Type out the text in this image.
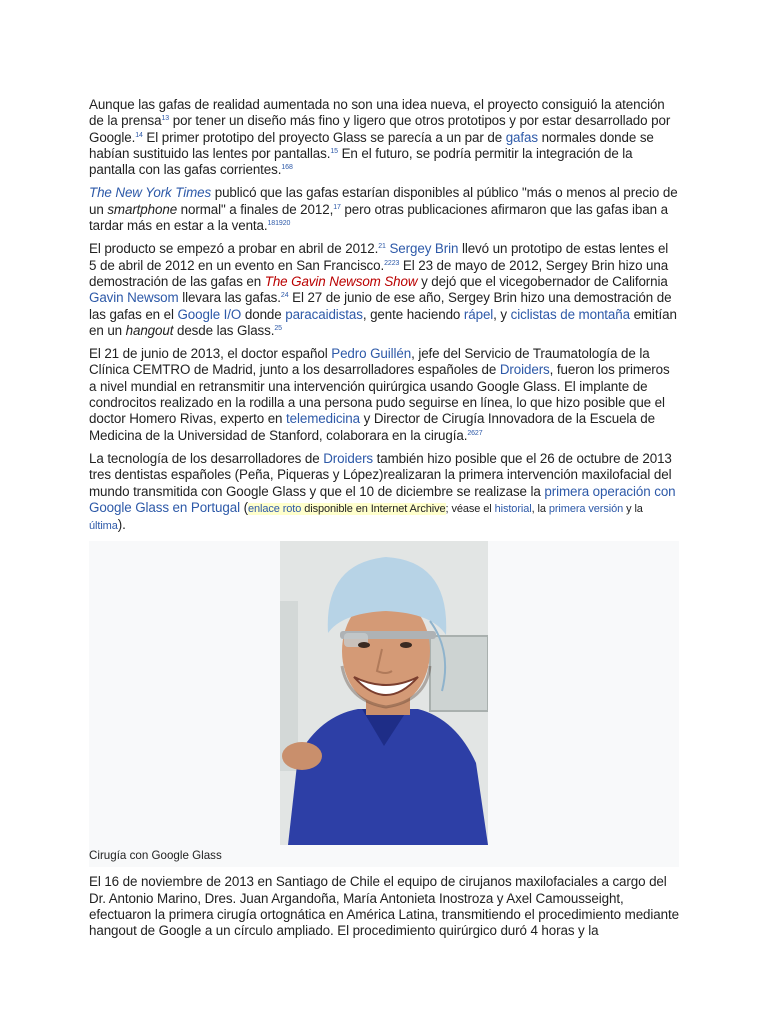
Aunque las gafas de realidad aumentada no son una idea nueva, el proyecto consiguió la atención de la prensa$^{13}$ por tener un diseño más fino y ligero que otros prototipos y por estar desarrollado por Google.$^{14}$ El primer prototipo del proyecto Glass se parecía a un par de gafas normales donde se habían sustituido las lentes por pantallas.$^{15}$ En el futuro, se podría permitir la integración de la pantalla con las gafas corrientes.$^{168}$

The New York Times publicó que las gafas estarían disponibles al público "más o menos al precio de un smartphone normal" a finales de 2012,17 pero otras publicaciones afirmaron que las gafas iban a tardar más en estar a la venta.$^{181920}$

El producto se empezó a probar en abril de 2012.21 Sergey Brin llevó un prototipo de estas lentes el 5 de abril de 2012 en un evento en San Francisco.$^{2223}$ El 23 de mayo de 2012, Sergey Brin hizo una demostración de las gafas en The Gavin Newsom Show y dejó que el vicegobernador de California Gavin Newsom llevara las gafas.$^{24}$ El 27 de junio de ese año, Sergey Brin hizo una demostración de las gafas en el Google I/O donde paracaidistas, gente haciendo rápel, y ciclistas de montaña emitían en un hangout desde las Glass.$^{25}$

El 21 de junio de 2013, el doctor español Pedro Guillén, jefe del Servicio de Traumatología de la Clínica CEMTRO de Madrid, junto a los desarrolladores españoles de Droiders, fueron los primeros a nivel mundial en retransmitir una intervención quirúrgica usando Google Glass. El implante de condrocitos realizado en la rodilla a una persona pudo seguirse en línea, lo que hizo posible que el doctor Homero Rivas, experto en telemedicina y Director de Cirugía Innovadora de la Escuela de Medicina de la Universidad de Stanford, colaborara en la cirugía.$^{2627}$

La tecnología de los desarrolladores de Droiders también hizo posible que el 26 de octubre de 2013 tres dentistas españoles (Peña, Piqueras y López)realizaran la primera intervención maxilofacial del mundo transmitida con Google Glass y que el 10 de diciembre se realizase la primera operación con Google Glass en Portugal (enlace roto disponible en Internet Archive; véase el historial, la primera versión y la última).

Cirugía con Google Glass

El 16 de noviembre de 2013 en Santiago de Chile el equipo de cirujanos maxilofaciales a cargo del Dr. Antonio Marino, Dres. Juan Argandoña, María Antonieta Inostroza y Axel Camousseight, efectuaron la primera cirugía ortognática en América Latina, transmitiendo el procedimiento mediante hangout de Google a un círculo ampliado. El procedimiento quirúrgico duró 4 horas y la
